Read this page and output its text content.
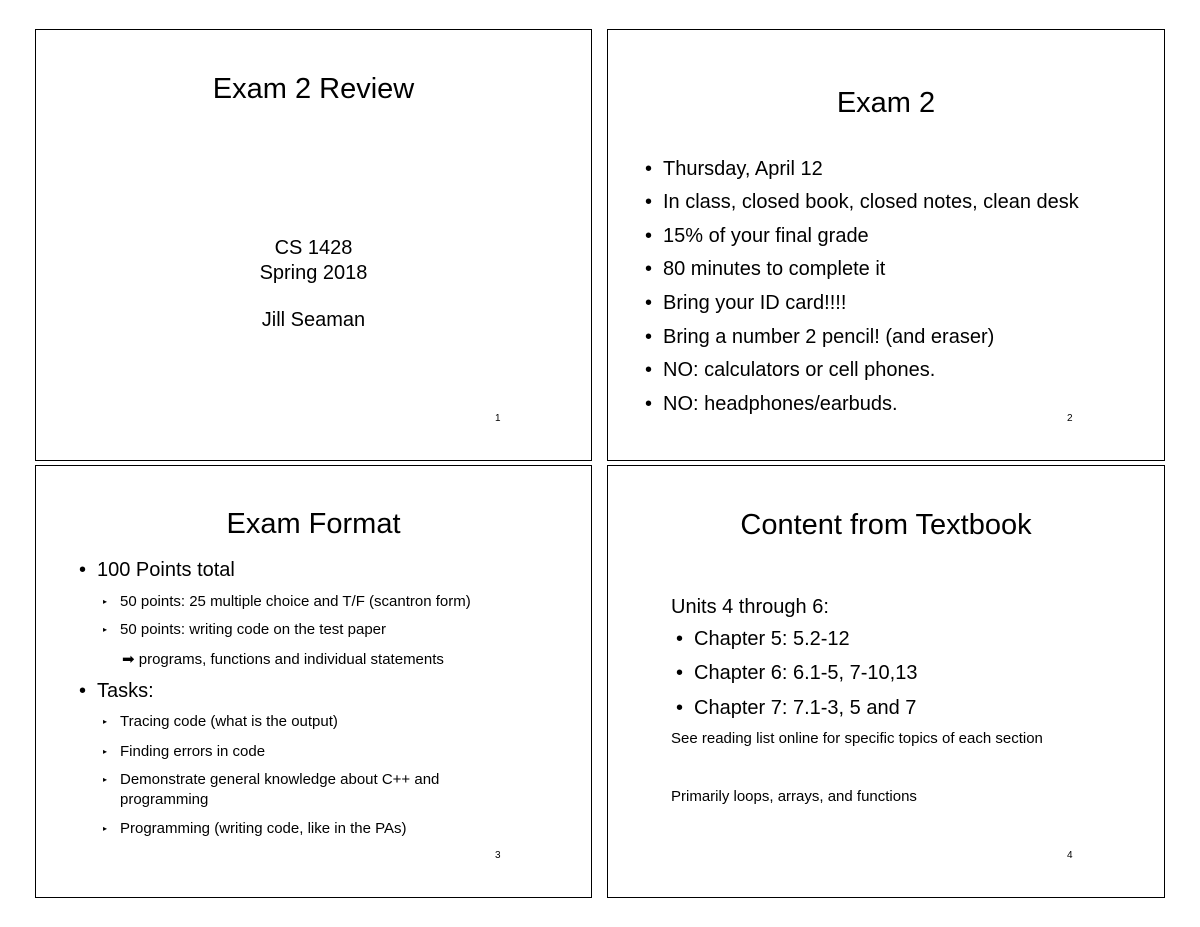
Exam 2 Review
CS 1428
Spring 2018
Jill Seaman
1
Exam 2
• Thursday, April 12
• In class, closed book, closed notes, clean desk
• 15% of your final grade
• 80 minutes to complete it
• Bring your ID card!!!!
• Bring a number 2 pencil! (and eraser)
• NO: calculators or cell phones.
• NO: headphones/earbuds.
2
Exam Format
• 100 Points total
▸ 50 points: 25 multiple choice and T/F (scantron form)
▸ 50 points: writing code on the test paper
➡ programs, functions and individual statements
• Tasks:
▸ Tracing code (what is the output)
▸ Finding errors in code
▸ Demonstrate general knowledge about C++ and
programming
▸ Programming (writing code, like in the PAs)
3
Content from Textbook
Units 4 through 6:
• Chapter 5: 5.2-12
• Chapter 6: 6.1-5, 7-10,13
• Chapter 7: 7.1-3, 5 and 7
See reading list online for specific topics of each section
Primarily loops, arrays, and functions
4
